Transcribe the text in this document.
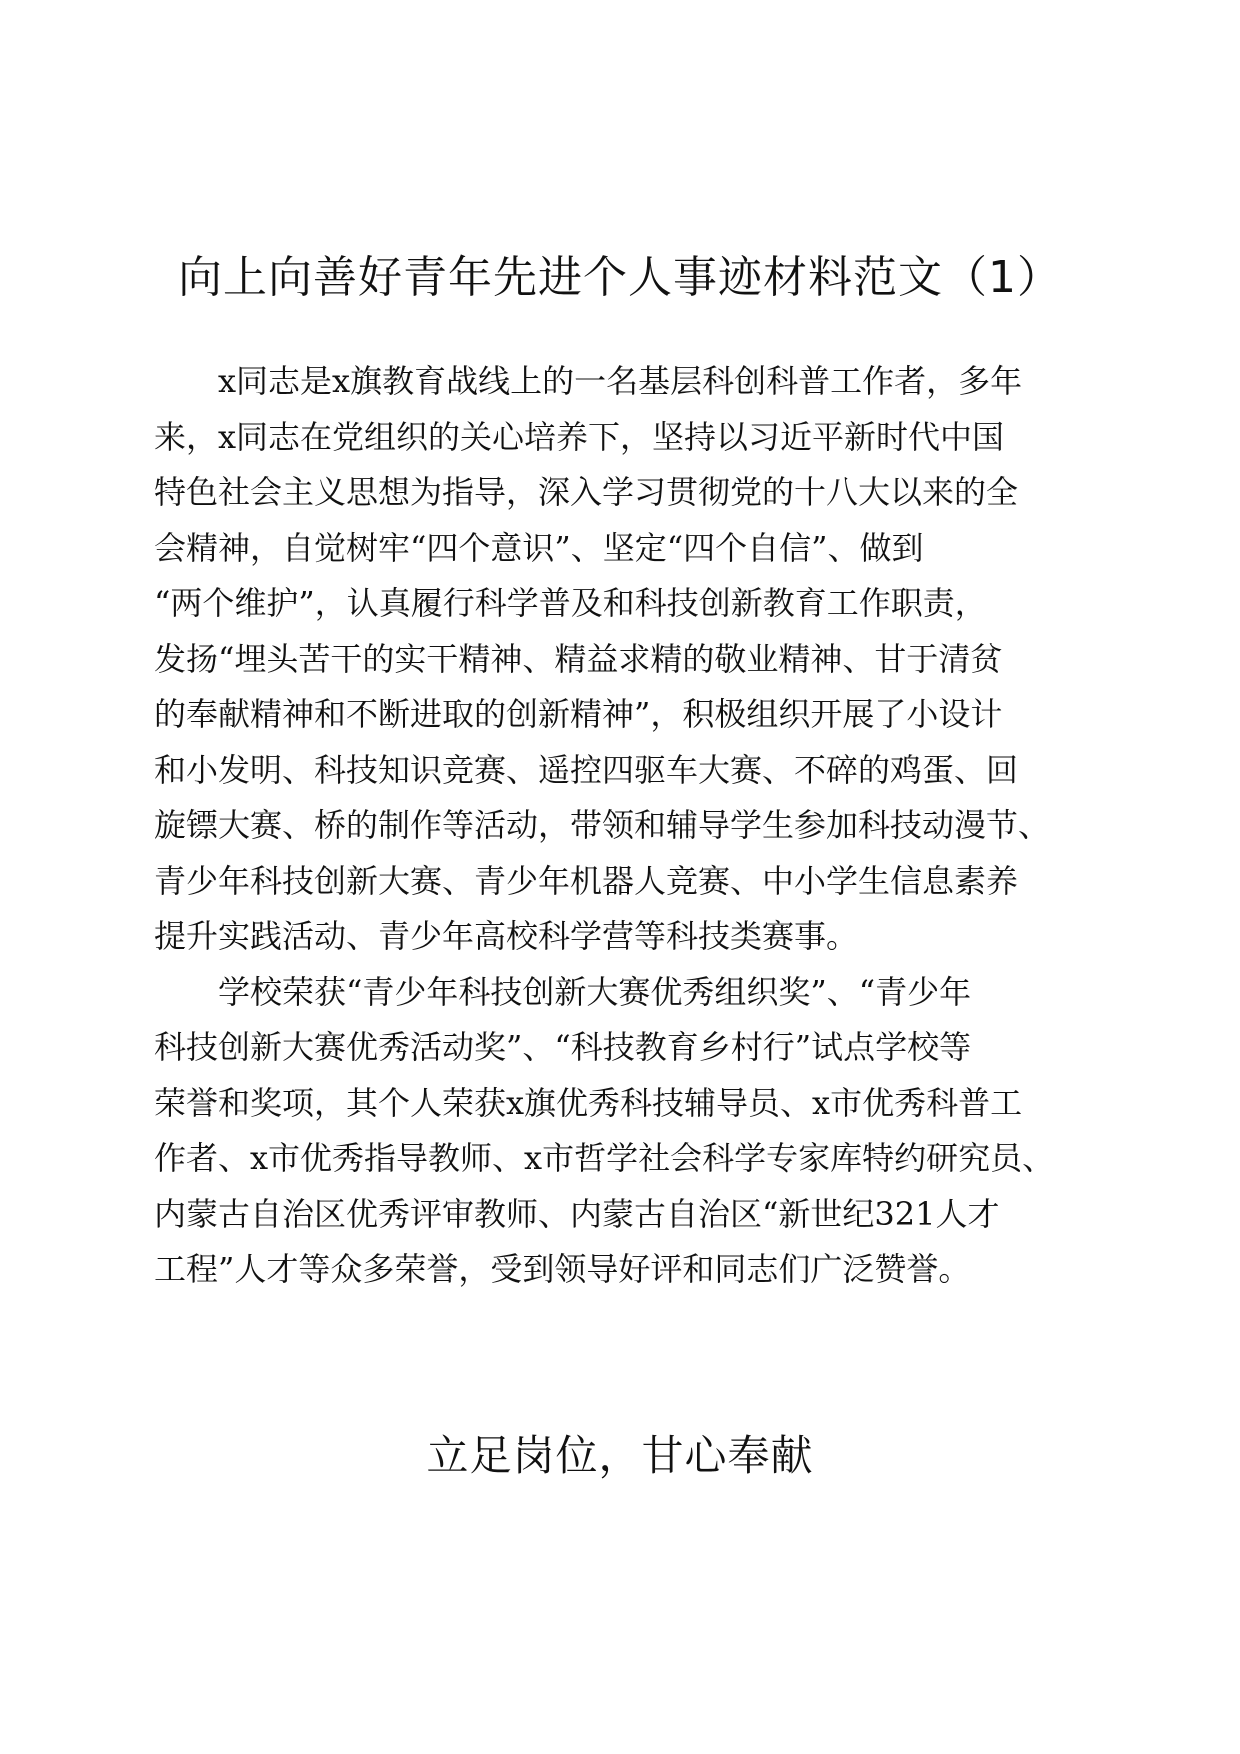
向上向善好青年先进个人事迹材料范文（1）
x同志是x旗教育战线上的一名基层科创科普工作者，多年
来，x同志在党组织的关心培养下，坚持以习近平新时代中国
特色社会主义思想为指导，深入学习贯彻党的十八大以来的全
会精神，自觉树牢“四个意识”、坚定“四个自信”、做到
“两个维护”，认真履行科学普及和科技创新教育工作职责，
发扬“埋头苦干的实干精神、精益求精的敬业精神、甘于清贫
的奉献精神和不断进取的创新精神”，积极组织开展了小设计
和小发明、科技知识竞赛、遥控四驱车大赛、不碎的鸡蛋、回
旋镖大赛、桥的制作等活动，带领和辅导学生参加科技动漫节、
青少年科技创新大赛、青少年机器人竞赛、中小学生信息素养
提升实践活动、青少年高校科学营等科技类赛事。
学校荣获“青少年科技创新大赛优秀组织奖”、“青少年
科技创新大赛优秀活动奖”、“科技教育乡村行”试点学校等
荣誉和奖项，其个人荣获x旗优秀科技辅导员、x市优秀科普工
作者、x市优秀指导教师、x市哲学社会科学专家库特约研究员、
内蒙古自治区优秀评审教师、内蒙古自治区“新世纪321人才
工程”人才等众多荣誉，受到领导好评和同志们广泛赞誉。
立足岗位，甘心奉献
